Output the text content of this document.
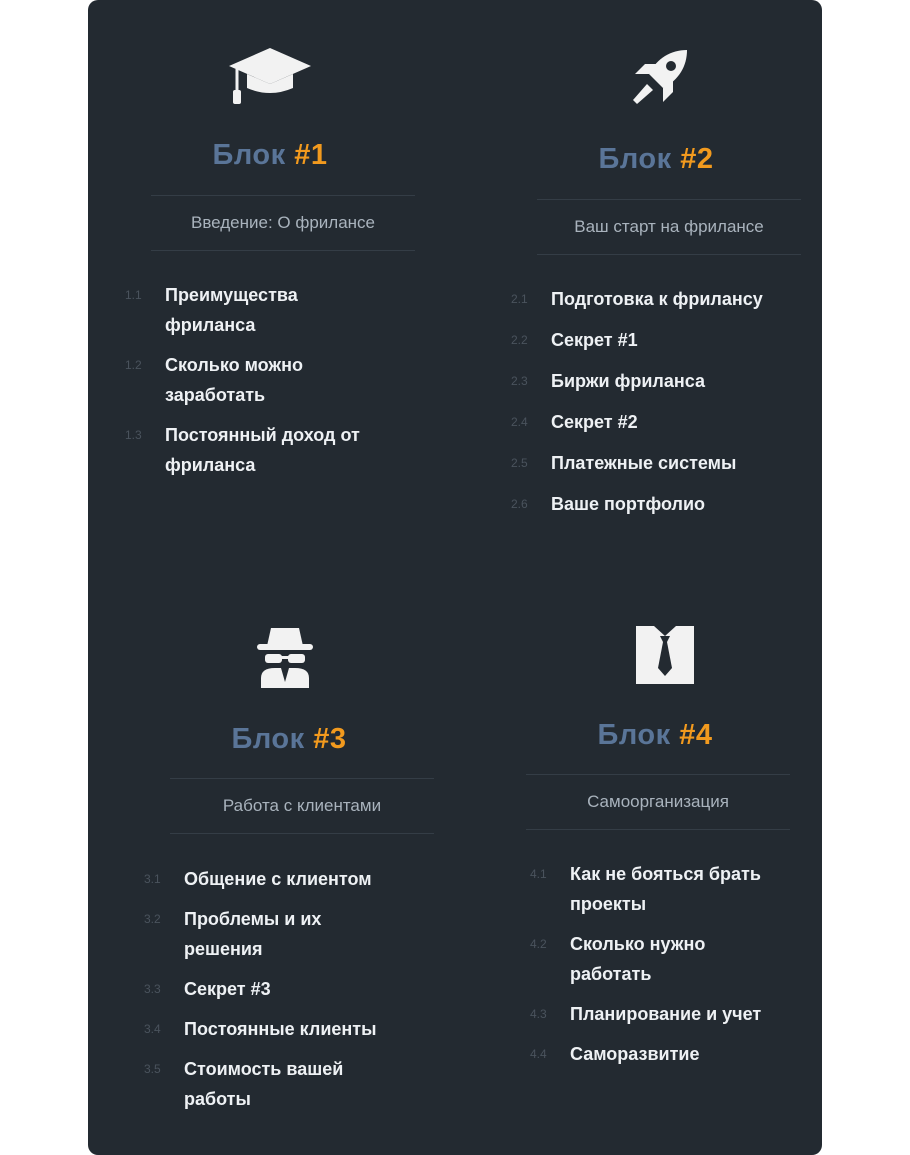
Блок #1
Введение: О фрилансе
1.1	Преимущества фриланса
1.2	Сколько можно заработать
1.3	Постоянный доход от фриланса
Блок #2
Ваш старт на фрилансе
2.1	Подготовка к фрилансу
2.2	Секрет #1
2.3	Биржи фриланса
2.4	Секрет #2
2.5	Платежные системы
2.6	Ваше портфолио
Блок #3
Работа с клиентами
3.1	Общение с клиентом
3.2	Проблемы и их решения
3.3	Секрет #3
3.4	Постоянные клиенты
3.5	Стоимость вашей работы
Блок #4
Самоорганизация
4.1	Как не бояться брать проекты
4.2	Сколько нужно работать
4.3	Планирование и учет
4.4	Саморазвитие
